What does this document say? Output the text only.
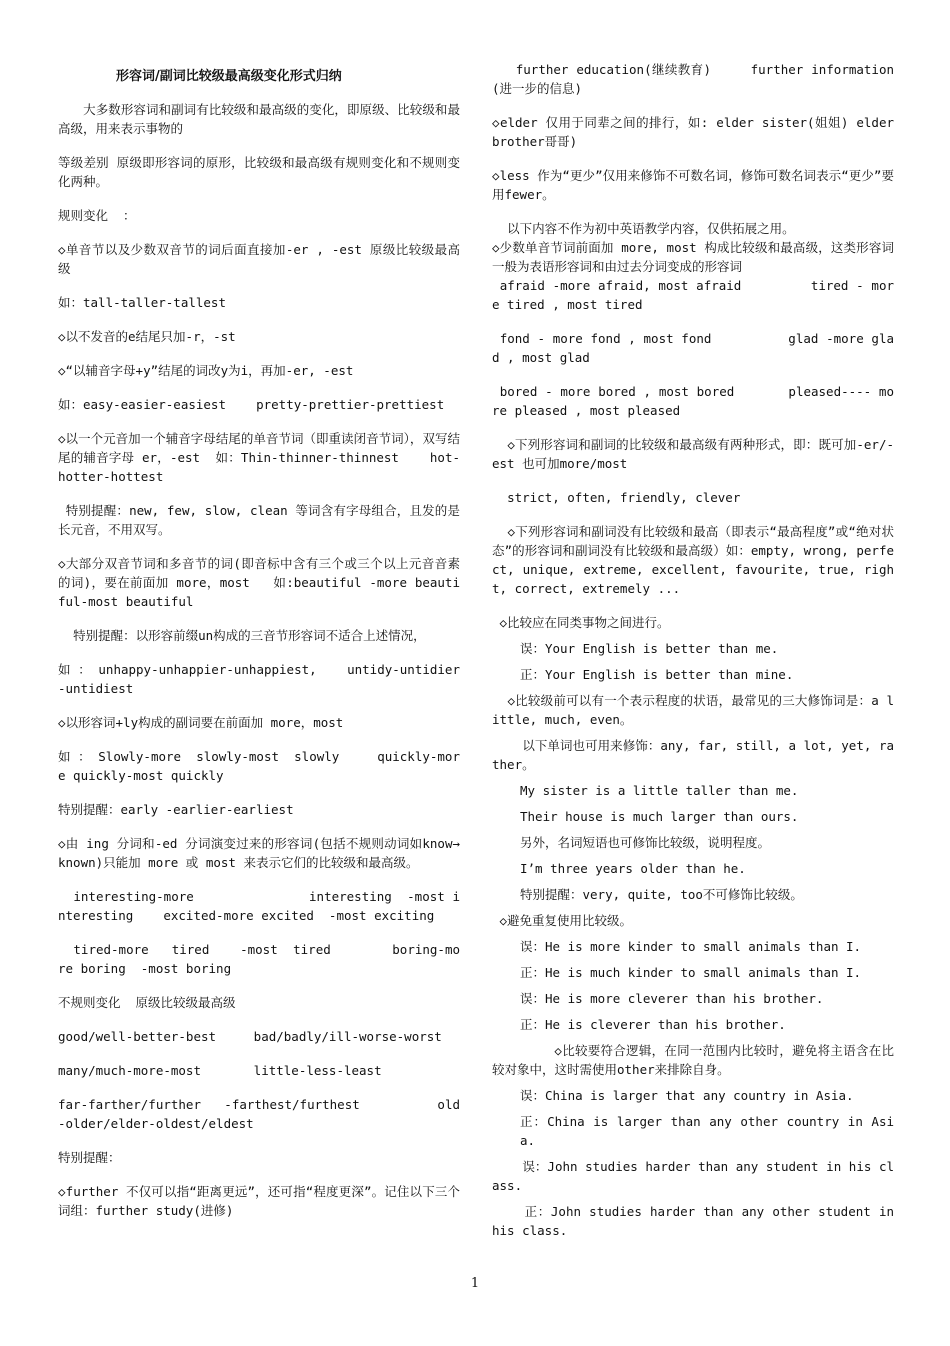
形容词/副词比较级最高级变化形式归纳

　　大多数形容词和副词有比较级和最高级的变化，即原级、比较级和最高级，用来表示事物的

等级差别 原级即形容词的原形，比较级和最高级有规则变化和不规则变化两种。

规则变化  ：

◇单音节以及少数双音节的词后面直接加-er , -est 原级比较级最高级

如：tall-taller-tallest

◇以不发音的e结尾只加-r，-st

◇“以辅音字母+y”结尾的词改y为i，再加-er, -est

如：easy-easier-easiest    pretty-prettier-prettiest

◇以一个元音加一个辅音字母结尾的单音节词（即重读闭音节词），双写结尾的辅音字母 er，-est  如：Thin-thinner-thinnest    hot-hotter-hottest

特别提醒：new, few, slow, clean 等词含有字母组合，且发的是长元音，不用双写。

◇大部分双音节词和多音节的词(即音标中含有三个或三个以上元音音素的词)，要在前面加 more，most   如:beautiful -more beautiful-most beautiful

特别提醒：以形容前缀un构成的三音节形容词不适合上述情况，

如 ： unhappy-unhappier-unhappiest,    untidy-untidier-untidiest

◇以形容词+ly构成的副词要在前面加 more，most

如 ： Slowly-more  slowly-most  slowly     quickly-more quickly-most quickly

特别提醒：early -earlier-earliest

◇由 ing 分词和-ed 分词演变过来的形容词(包括不规则动词如know→known)只能加 more 或 most 来表示它们的比较级和最高级。

interesting-more               interesting  -most interesting    excited-more excited  -most exciting

tired-more   tired    -most  tired        boring-more boring  -most boring

不规则变化  原级比较级最高级

good/well-better-best     bad/badly/ill-worse-worst

many/much-more-most       little-less-least

far-farther/further   -farthest/furthest          old-older/elder-oldest/eldest

特别提醒：

◇further 不仅可以指“距离更远”，还可指“程度更深”。记住以下三个词组：further study(进修)

further education(继续教育)     further information (进一步的信息)

◇elder 仅用于同辈之间的排行，如: elder sister(姐姐) elder brother哥哥)

◇less 作为“更少”仅用来修饰不可数名词，修饰可数名词表示“更少”要用fewer。

以下内容不作为初中英语教学内容，仅供拓展之用。
◇少数单音节词前面加 more, most 构成比较级和最高级，这类形容词一般为表语形容词和由过去分词变成的形容词
afraid -more afraid, most afraid         tired - more tired , most tired

fond - more fond , most fond          glad -more glad , most glad

bored - more bored , most bored       pleased---- more pleased , most pleased

◇下列形容词和副词的比较级和最高级有两种形式，即：既可加-er/-est 也可加more/most

strict, often, friendly, clever

◇下列形容词和副词没有比较级和最高（即表示“最高程度”或“绝对状态”的形容词和副词没有比较级和最高级）如：empty, wrong, perfect, unique, extreme, excellent, favourite, true, right, correct, extremely ...

◇比较应在同类事物之间进行。

误：Your English is better than me.

正：Your English is better than mine.

◇比较级前可以有一个表示程度的状语，最常见的三大修饰词是：a little, much, even。

以下单词也可用来修饰：any, far, still, a lot, yet, rather。

My sister is a little taller than me.

Their house is much larger than ours.

另外，名词短语也可修饰比较级，说明程度。

I’m three years older than he.

特别提醒：very, quite, too不可修饰比较级。

◇避免重复使用比较级。

误：He is more kinder to small animals than I.

正：He is much kinder to small animals than I.

误：He is more cleverer than his brother.

正：He is cleverer than his brother.

◇比较要符合逻辑，在同一范围内比较时，避免将主语含在比较对象中，这时需使用other来排除自身。

误：China is larger that any country in Asia.

正：China is larger than any other country in Asia.

误：John studies harder than any student in his class.

正：John studies harder than any other student in his class.

1
